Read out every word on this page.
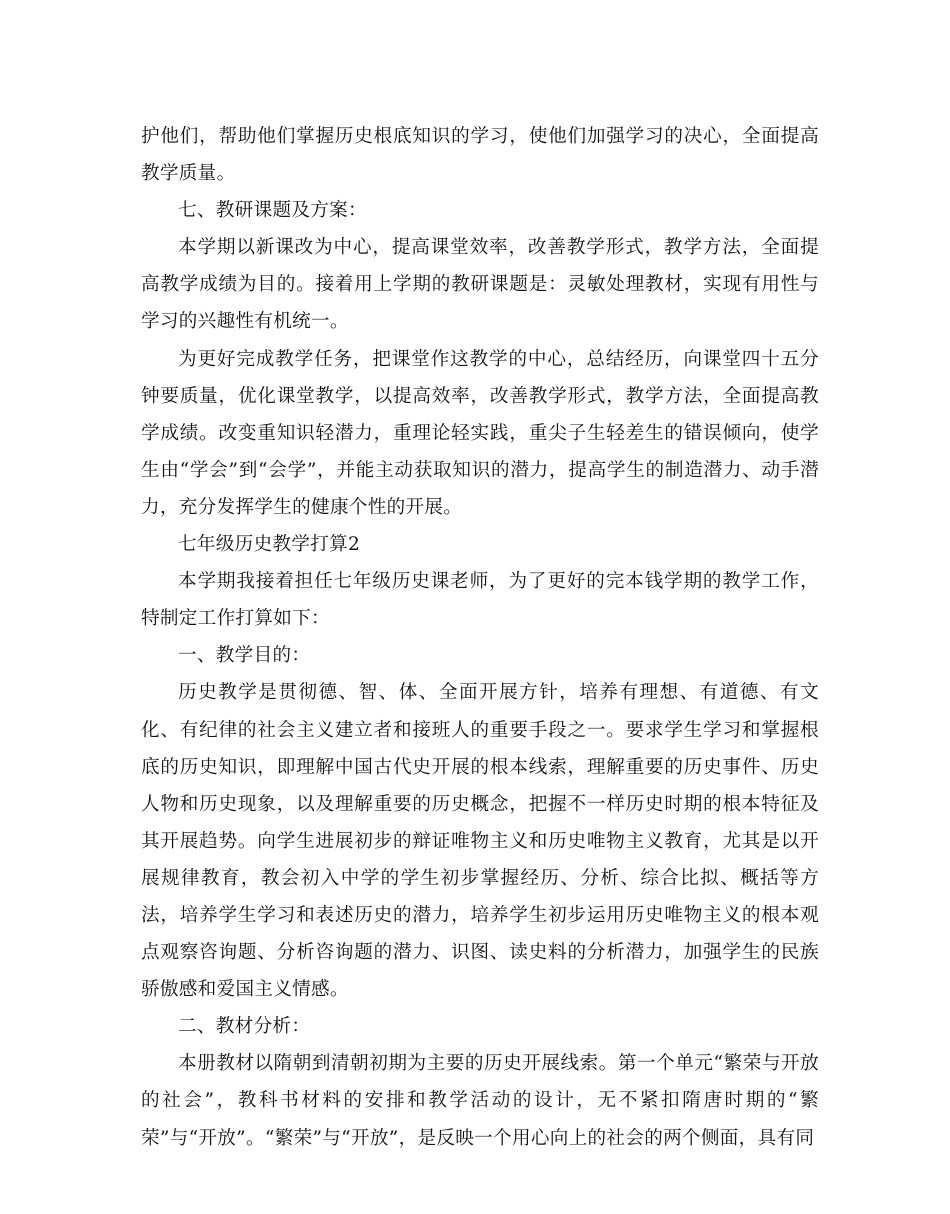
护他们，帮助他们掌握历史根底知识的学习，使他们加强学习的决心，全面提高教学质量。

七、教研课题及方案：

本学期以新课改为中心，提高课堂效率，改善教学形式，教学方法，全面提高教学成绩为目的。接着用上学期的教研课题是：灵敏处理教材，实现有用性与学习的兴趣性有机统一。

为更好完成教学任务，把课堂作这教学的中心，总结经历，向课堂四十五分钟要质量，优化课堂教学，以提高效率，改善教学形式，教学方法，全面提高教学成绩。改变重知识轻潜力，重理论轻实践，重尖子生轻差生的错误倾向，使学生由“学会”到“会学”，并能主动获取知识的潜力，提高学生的制造潜力、动手潜力，充分发挥学生的健康个性的开展。

七年级历史教学打算2

本学期我接着担任七年级历史课老师，为了更好的完本钱学期的教学工作，特制定工作打算如下：

一、教学目的：

历史教学是贯彻德、智、体、全面开展方针，培养有理想、有道德、有文化、有纪律的社会主义建立者和接班人的重要手段之一。要求学生学习和掌握根底的历史知识，即理解中国古代史开展的根本线索，理解重要的历史事件、历史人物和历史现象，以及理解重要的历史概念，把握不一样历史时期的根本特征及其开展趋势。向学生进展初步的辩证唯物主义和历史唯物主义教育，尤其是以开展规律教育，教会初入中学的学生初步掌握经历、分析、综合比拟、概括等方法，培养学生学习和表述历史的潜力，培养学生初步运用历史唯物主义的根本观点观察咨询题、分析咨询题的潜力、识图、读史料的分析潜力，加强学生的民族骄傲感和爱国主义情感。

二、教材分析：

本册教材以隋朝到清朝初期为主要的历史开展线索。第一个单元“繁荣与开放的社会”，教科书材料的安排和教学活动的设计，无不紧扣隋唐时期的“繁荣”与“开放”。“繁荣”与“开放”，是反映一个用心向上的社会的两个侧面，具有同
